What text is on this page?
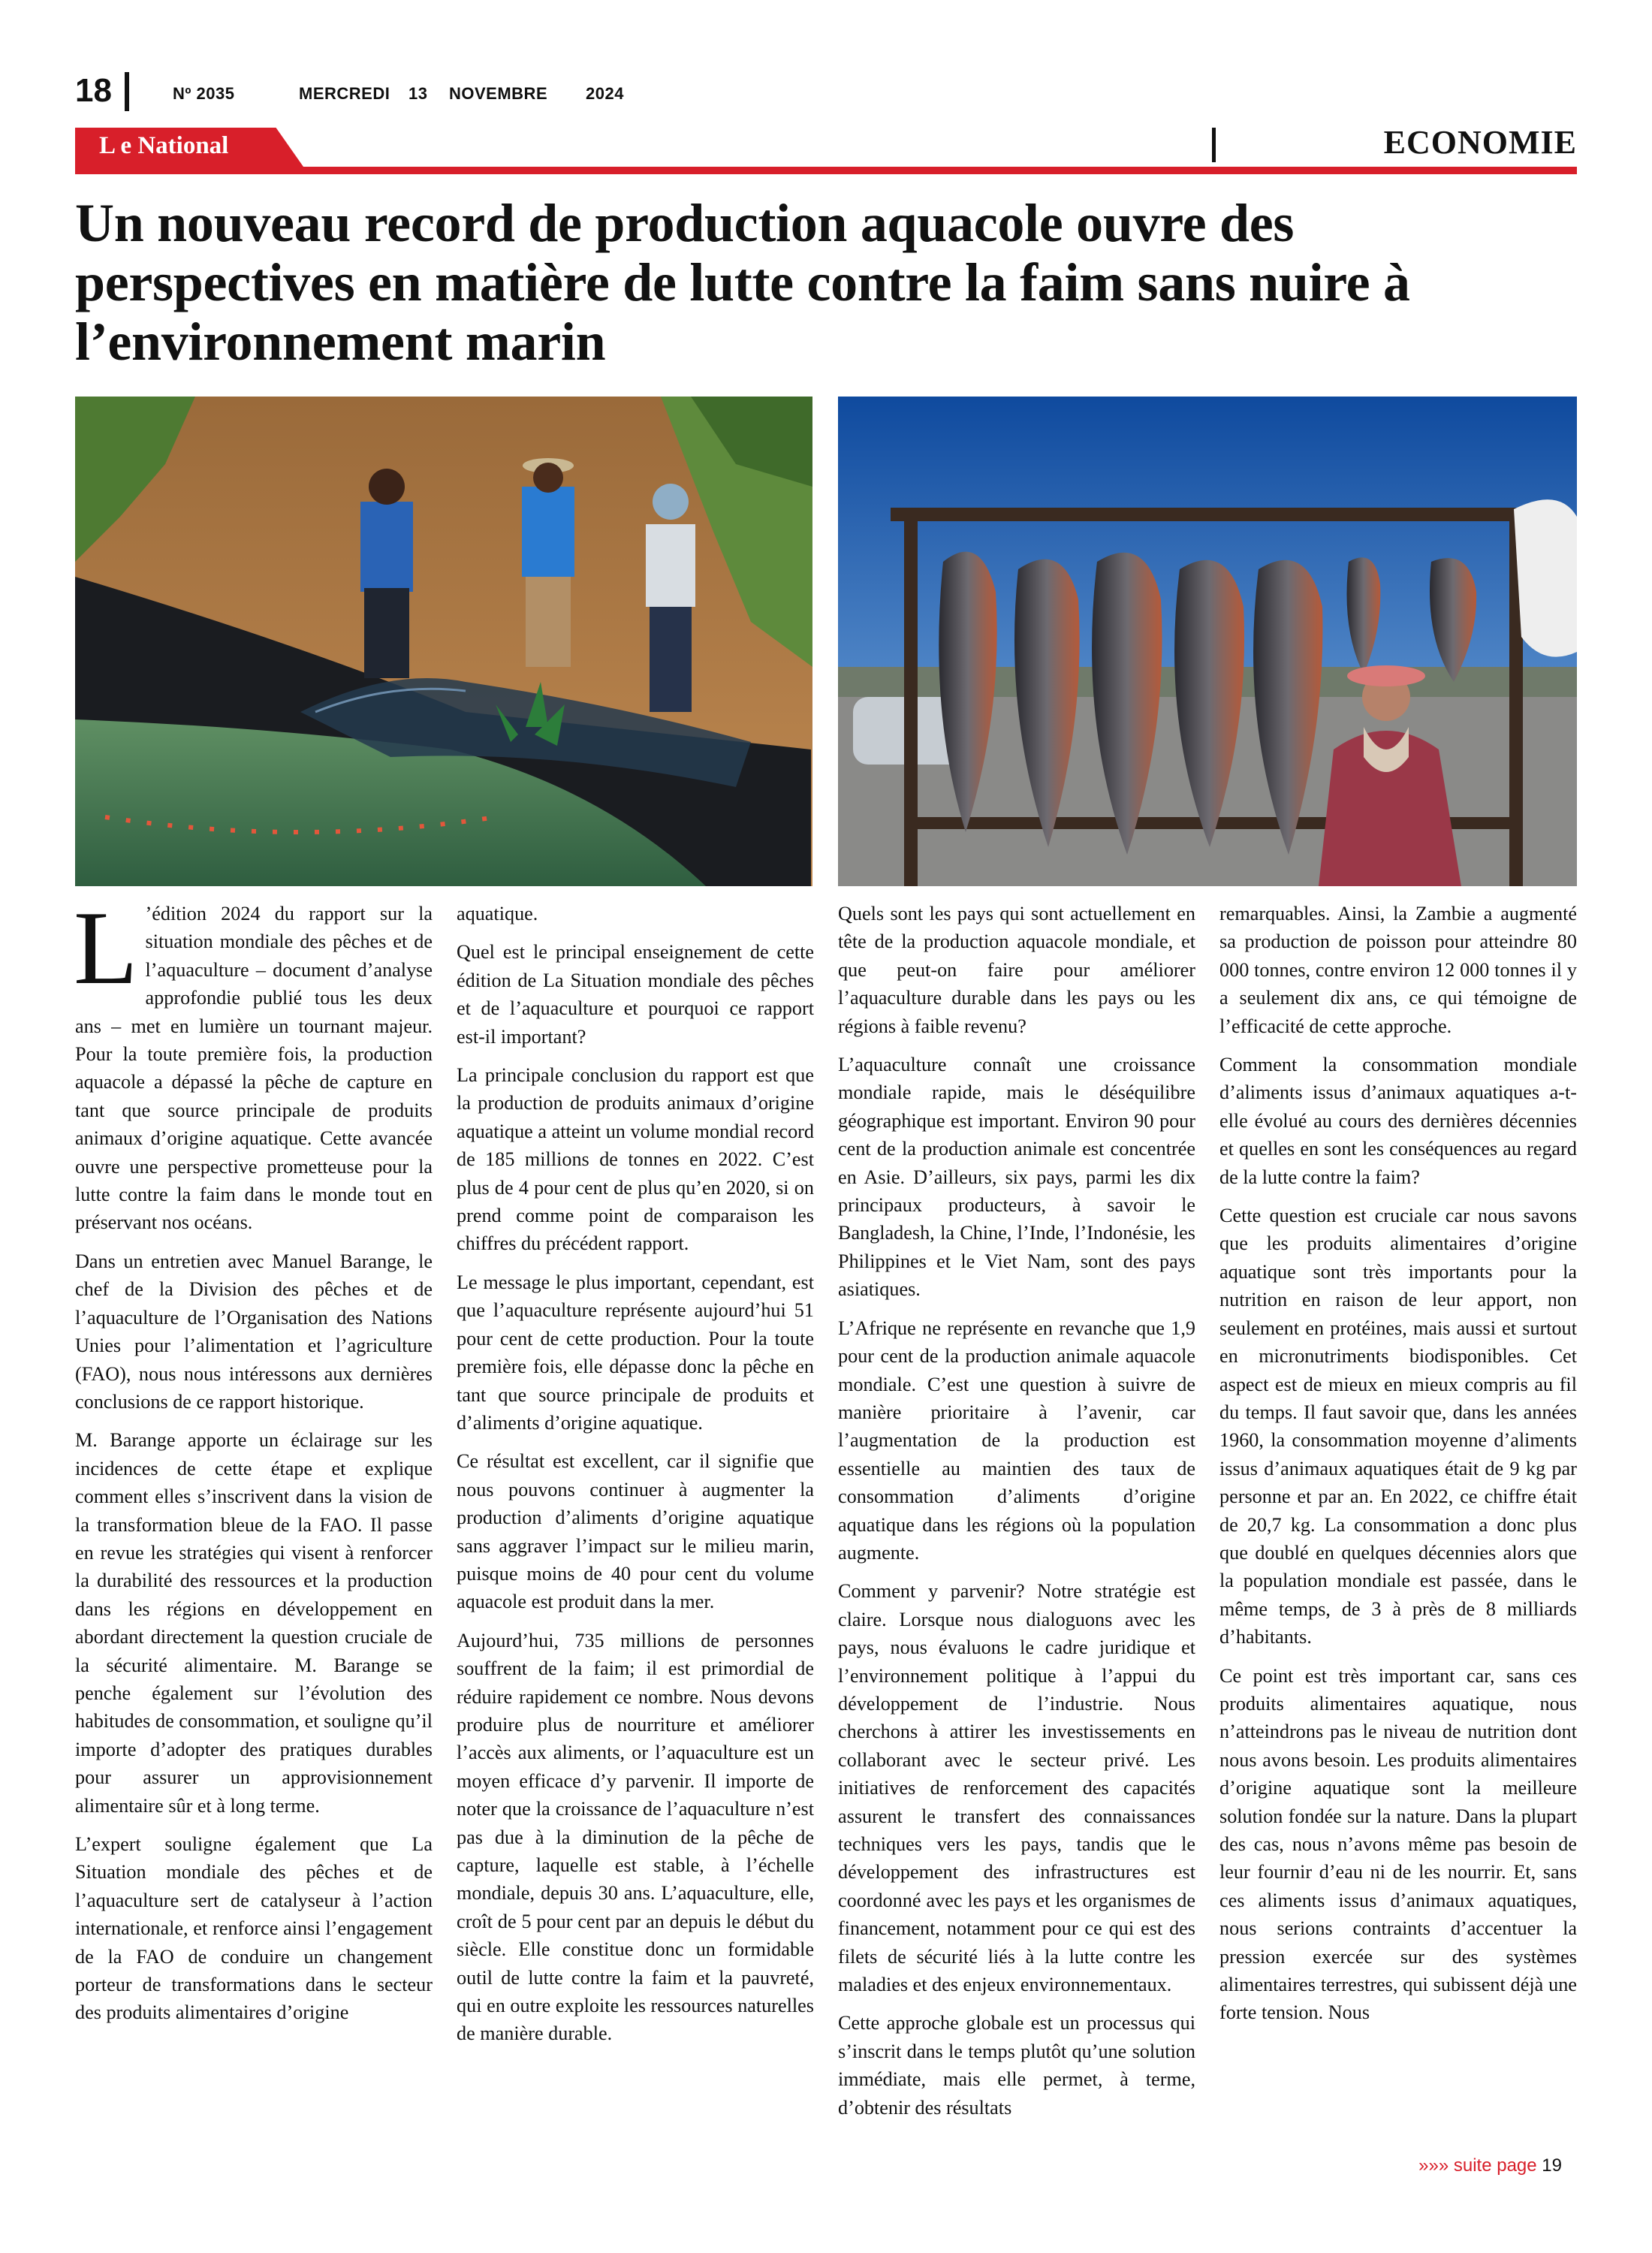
18	Nº 2035	MERCREDI 13 NOVEMBRE 2024
L e National	ECONOMIE
Un nouveau record de production aquacole ouvre des perspectives en matière de lutte contre la faim sans nuire à l’environnement marin

L ’édition 2024 du rapport sur la situation mondiale des pêches et de l’aquaculture – document d’analyse approfondie publié tous les deux ans – met en lumière un tournant majeur. Pour la toute première fois, la production aquacole a dépassé la pêche de capture en tant que source principale de produits animaux d’origine aquatique. Cette avancée ouvre une perspective prometteuse pour la lutte contre la faim dans le monde tout en préservant nos océans.

Dans un entretien avec Manuel Barange, le chef de la Division des pêches et de l’aquaculture de l’Organisation des Nations Unies pour l’alimentation et l’agriculture (FAO), nous nous intéressons aux dernières conclusions de ce rapport historique.

M. Barange apporte un éclairage sur les incidences de cette étape et explique comment elles s’inscrivent dans la vision de la transformation bleue de la FAO. Il passe en revue les stratégies qui visent à renforcer la durabilité des ressources et la production dans les régions en développement en abordant directement la question cruciale de la sécurité alimentaire. M. Barange se penche également sur l’évolution des habitudes de consommation, et souligne qu’il importe d’adopter des pratiques durables pour assurer un approvisionnement alimentaire sûr et à long terme.

L’expert souligne également que La Situation mondiale des pêches et de l’aquaculture sert de catalyseur à l’action internationale, et renforce ainsi l’engagement de la FAO de conduire un changement porteur de transformations dans le secteur des produits alimentaires d’origine

aquatique.

Quel est le principal enseignement de cette édition de La Situation mondiale des pêches et de l’aquaculture et pourquoi ce rapport est-il important?

La principale conclusion du rapport est que la production de produits animaux d’origine aquatique a atteint un volume mondial record de 185 millions de tonnes en 2022. C’est plus de 4 pour cent de plus qu’en 2020, si on prend comme point de comparaison les chiffres du précédent rapport.

Le message le plus important, cependant, est que l’aquaculture représente aujourd’hui 51 pour cent de cette production. Pour la toute première fois, elle dépasse donc la pêche en tant que source principale de produits et d’aliments d’origine aquatique.

Ce résultat est excellent, car il signifie que nous pouvons continuer à augmenter la production d’aliments d’origine aquatique sans aggraver l’impact sur le milieu marin, puisque moins de 40 pour cent du volume aquacole est produit dans la mer.

Aujourd’hui, 735 millions de personnes souffrent de la faim; il est primordial de réduire rapidement ce nombre. Nous devons produire plus de nourriture et améliorer l’accès aux aliments, or l’aquaculture est un moyen efficace d’y parvenir. Il importe de noter que la croissance de l’aquaculture n’est pas due à la diminution de la pêche de capture, laquelle est stable, à l’échelle mondiale, depuis 30 ans. L’aquaculture, elle, croît de 5 pour cent par an depuis le début du siècle. Elle constitue donc un formidable outil de lutte contre la faim et la pauvreté, qui en outre exploite les ressources naturelles de manière durable.

Quels sont les pays qui sont actuellement en tête de la production aquacole mondiale, et que peut-on faire pour améliorer l’aquaculture durable dans les pays ou les régions à faible revenu?

L’aquaculture connaît une croissance mondiale rapide, mais le déséquilibre géographique est important. Environ 90 pour cent de la production animale est concentrée en Asie. D’ailleurs, six pays, parmi les dix principaux producteurs, à savoir le Bangladesh, la Chine, l’Inde, l’Indonésie, les Philippines et le Viet Nam, sont des pays asiatiques.

L’Afrique ne représente en revanche que 1,9 pour cent de la production animale aquacole mondiale. C’est une question à suivre de manière prioritaire à l’avenir, car l’augmentation de la production est essentielle au maintien des taux de consommation d’aliments d’origine aquatique dans les régions où la population augmente.

Comment y parvenir? Notre stratégie est claire. Lorsque nous dialoguons avec les pays, nous évaluons le cadre juridique et l’environnement politique à l’appui du développement de l’industrie. Nous cherchons à attirer les investissements en collaborant avec le secteur privé. Les initiatives de renforcement des capacités assurent le transfert des connaissances techniques vers les pays, tandis que le développement des infrastructures est coordonné avec les pays et les organismes de financement, notamment pour ce qui est des filets de sécurité liés à la lutte contre les maladies et des enjeux environnementaux.

Cette approche globale est un processus qui s’inscrit dans le temps plutôt qu’une solution immédiate, mais elle permet, à terme, d’obtenir des résultats

remarquables. Ainsi, la Zambie a augmenté sa production de poisson pour atteindre 80 000 tonnes, contre environ 12 000 tonnes il y a seulement dix ans, ce qui témoigne de l’efficacité de cette approche.

Comment la consommation mondiale d’aliments issus d’animaux aquatiques a-t-elle évolué au cours des dernières décennies et quelles en sont les conséquences au regard de la lutte contre la faim?

Cette question est cruciale car nous savons que les produits alimentaires d’origine aquatique sont très importants pour la nutrition en raison de leur apport, non seulement en protéines, mais aussi et surtout en micronutriments biodisponibles. Cet aspect est de mieux en mieux compris au fil du temps. Il faut savoir que, dans les années 1960, la consommation moyenne d’aliments issus d’animaux aquatiques était de 9 kg par personne et par an. En 2022, ce chiffre était de 20,7 kg. La consommation a donc plus que doublé en quelques décennies alors que la population mondiale est passée, dans le même temps, de 3 à près de 8 milliards d’habitants.

Ce point est très important car, sans ces produits alimentaires aquatique, nous n’atteindrons pas le niveau de nutrition dont nous avons besoin. Les produits alimentaires d’origine aquatique sont la meilleure solution fondée sur la nature. Dans la plupart des cas, nous n’avons même pas besoin de leur fournir d’eau ni de les nourrir. Et, sans ces aliments issus d’animaux aquatiques, nous serions contraints d’accentuer la pression exercée sur des systèmes alimentaires terrestres, qui subissent déjà une forte tension. Nous

»»» suite page 19
